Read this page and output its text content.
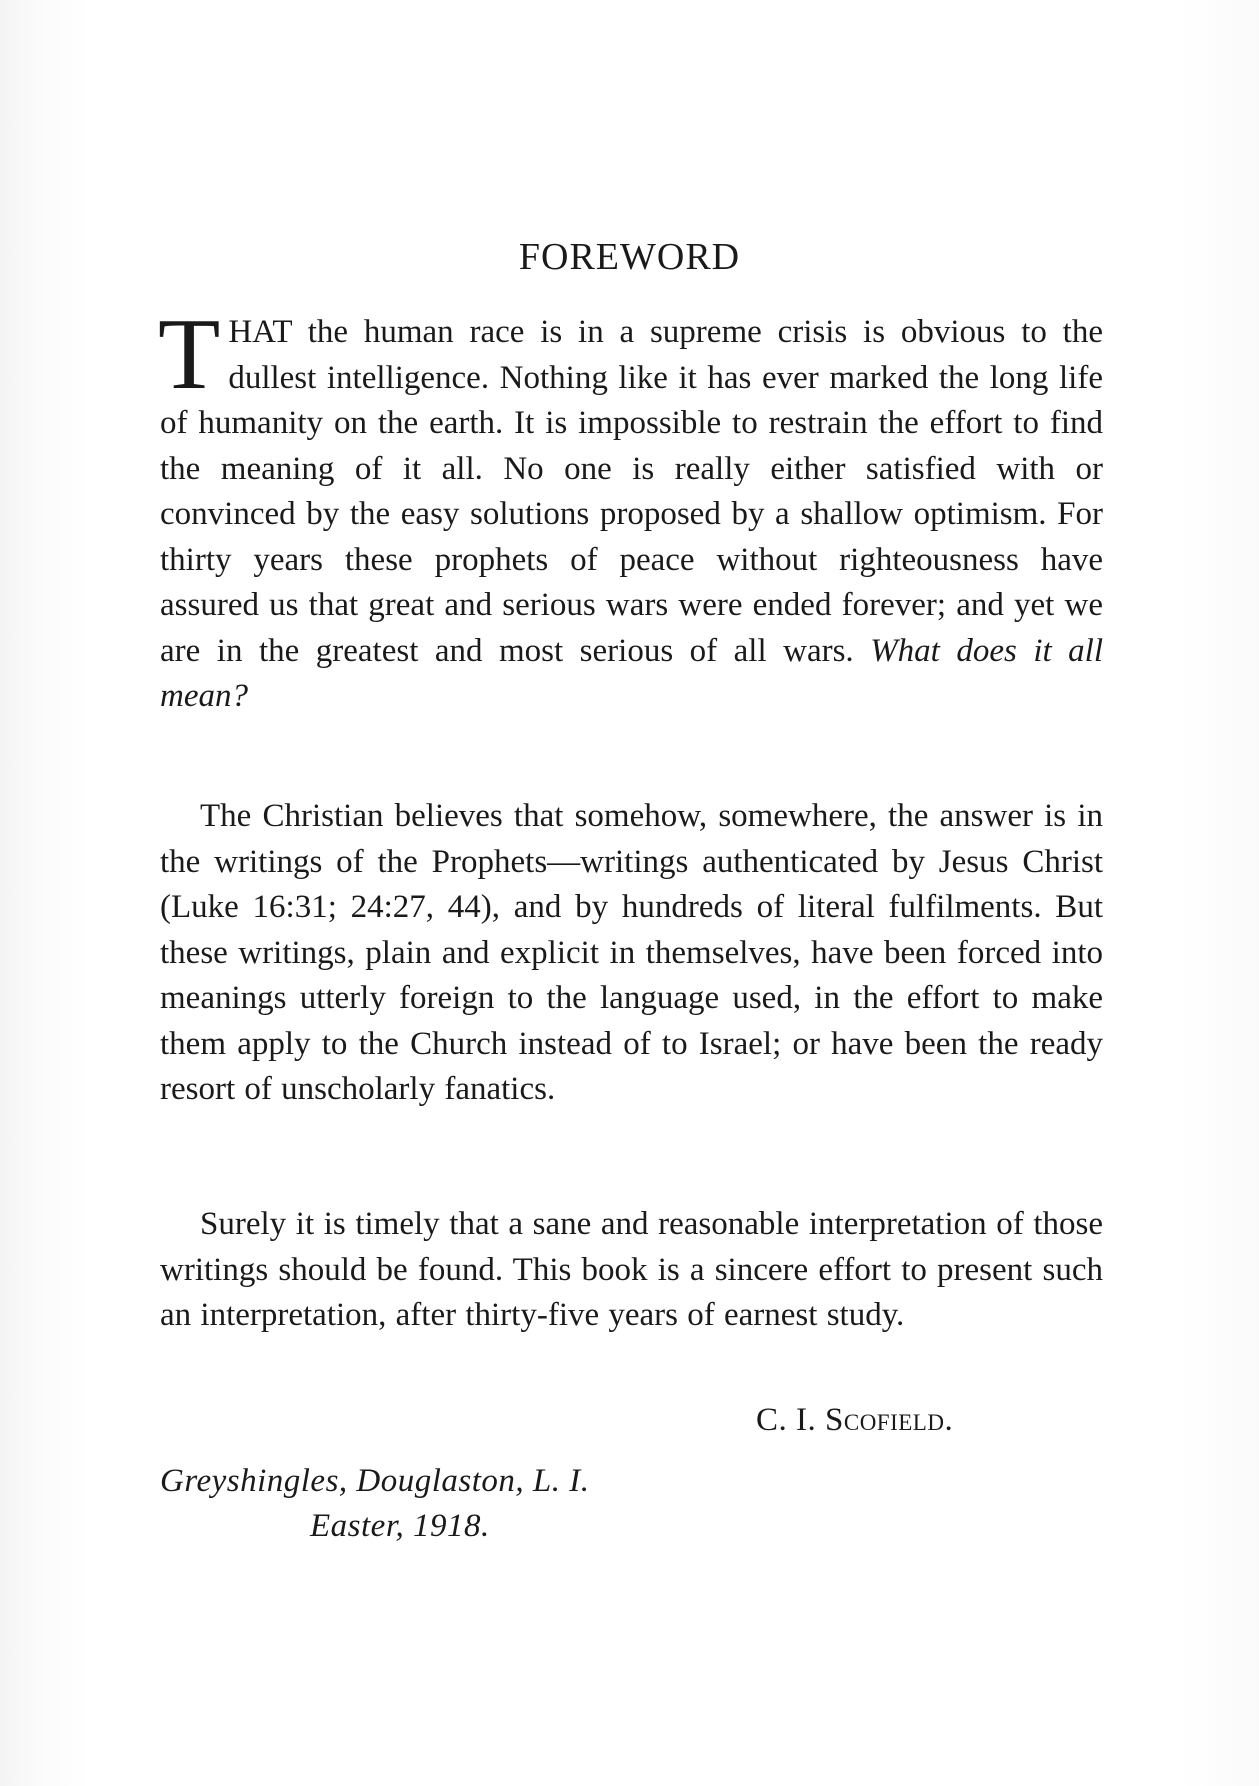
FOREWORD

THAT the human race is in a supreme crisis is obvious to the dullest intelligence. Nothing like it has ever marked the long life of humanity on the earth. It is impossible to restrain the effort to find the meaning of it all. No one is really either satisfied with or convinced by the easy solutions proposed by a shallow optimism. For thirty years these prophets of peace without righteousness have assured us that great and serious wars were ended forever; and yet we are in the greatest and most serious of all wars. What does it all mean?

The Christian believes that somehow, somewhere, the answer is in the writings of the Prophets—writings authenticated by Jesus Christ (Luke 16:31; 24:27, 44), and by hundreds of literal fulfilments. But these writings, plain and explicit in themselves, have been forced into meanings utterly foreign to the language used, in the effort to make them apply to the Church instead of to Israel; or have been the ready resort of unscholarly fanatics.

Surely it is timely that a sane and reasonable interpretation of those writings should be found. This book is a sincere effort to present such an interpretation, after thirty-five years of earnest study.

C. I. Scofield.
Greyshingles, Douglaston, L. I.
Easter, 1918.
